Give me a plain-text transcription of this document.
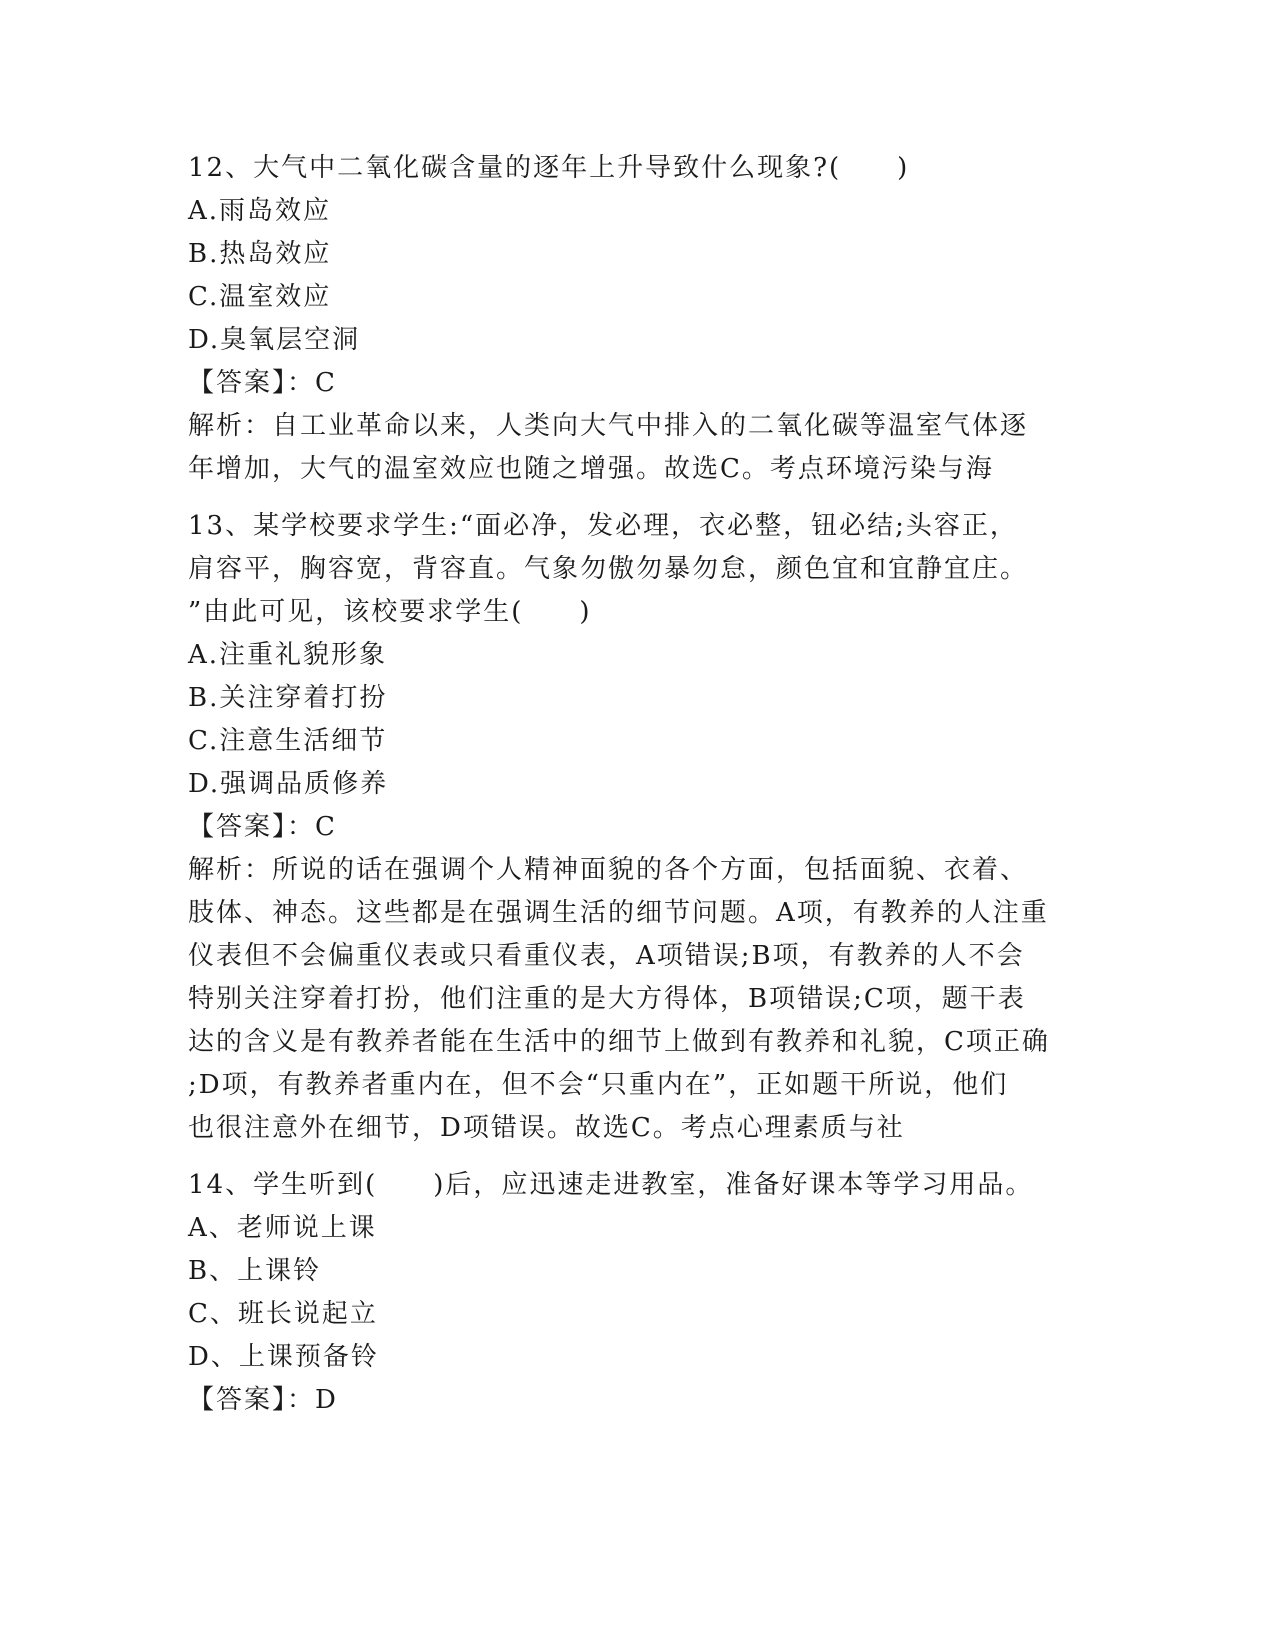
12、大气中二氧化碳含量的逐年上升导致什么现象?(　　)
A.雨岛效应
B.热岛效应
C.温室效应
D.臭氧层空洞
【答案】：C
解析：自工业革命以来，人类向大气中排入的二氧化碳等温室气体逐
年增加，大气的温室效应也随之增强。故选C。考点环境污染与海
13、某学校要求学生:“面必净，发必理，衣必整，钮必结;头容正，
肩容平，胸容宽，背容直。气象勿傲勿暴勿怠，颜色宜和宜静宜庄。
”由此可见，该校要求学生(　　)
A.注重礼貌形象
B.关注穿着打扮
C.注意生活细节
D.强调品质修养
【答案】：C
解析：所说的话在强调个人精神面貌的各个方面，包括面貌、衣着、
肢体、神态。这些都是在强调生活的细节问题。A项，有教养的人注重
仪表但不会偏重仪表或只看重仪表，A项错误;B项，有教养的人不会
特别关注穿着打扮，他们注重的是大方得体，B项错误;C项，题干表
达的含义是有教养者能在生活中的细节上做到有教养和礼貌，C项正确
;D项，有教养者重内在，但不会“只重内在”，正如题干所说，他们
也很注意外在细节，D项错误。故选C。考点心理素质与社
14、学生听到(　　)后，应迅速走进教室，准备好课本等学习用品。
A、老师说上课
B、上课铃
C、班长说起立
D、上课预备铃
【答案】：D
